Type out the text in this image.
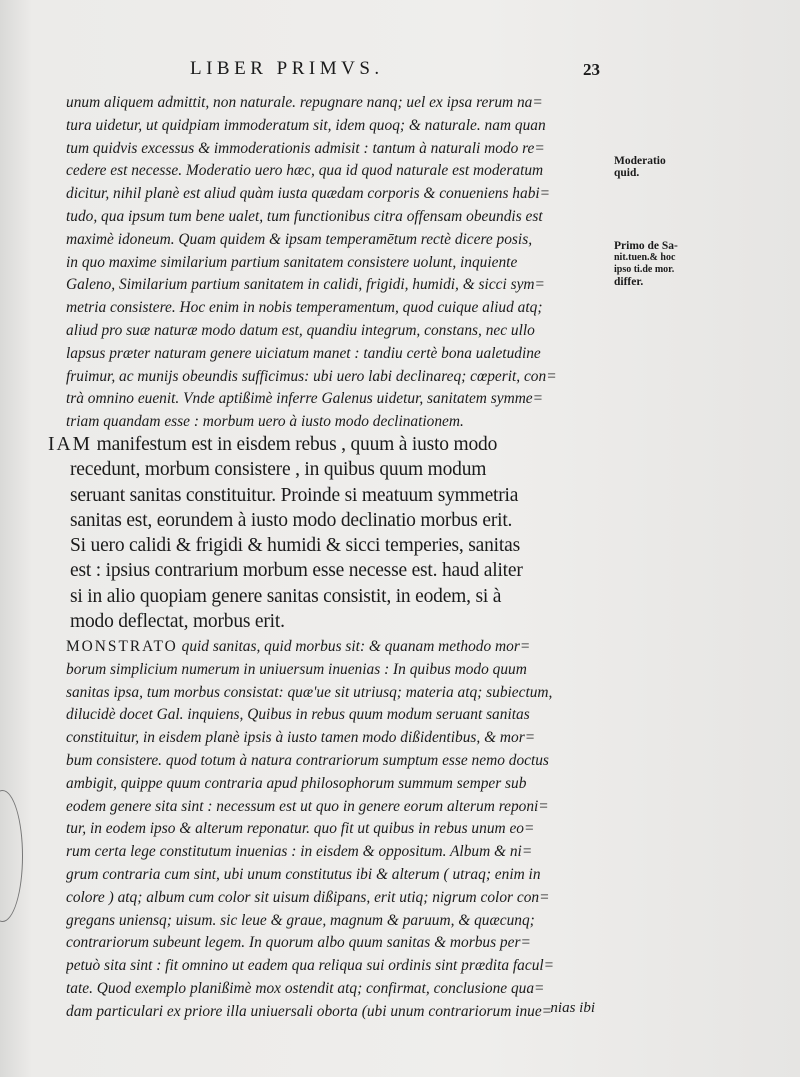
LIBER PRIMVS.	23
unum aliquem admittit, non naturale. repugnare nanq; uel ex ipsa rerum na=
tura uidetur, ut quidpiam immoderatum sit, idem quoq; & naturale. nam quan
tum quidvis excessus & immoderationis admisit : tantum à naturali modo re=
cedere est necesse. Moderatio uero hæc, qua id quod naturale est moderatum
dicitur, nihil planè est aliud quàm iusta quædam corporis & conueniens habi=
tudo, qua ipsum tum bene ualet, tum functionibus citra offensam obeundis est
maximè idoneum. Quam quidem & ipsam temperamētum rectè dicere posis,
in quo maxime similarium partium sanitatem consistere uolunt, inquiente
Galeno, Similarium partium sanitatem in calidi, frigidi, humidi, & sicci sym=
metria consistere. Hoc enim in nobis temperamentum, quod cuique aliud atq;
aliud pro suæ naturæ modo datum est, quandiu integrum, constans, nec ullo
lapsus præter naturam genere uiciatum manet : tandiu certè bona ualetudine
fruimur, ac munijs obeundis sufficimus: ubi uero labi declinareq; cœperit, con=
trà omnino euenit. Vnde aptißimè inferre Galenus uidetur, sanitatem symme=
triam quandam esse : morbum uero à iusto modo declinationem.
IAM manifestum est in eisdem rebus , quum à iusto modo
recedunt, morbum consistere , in quibus quum modum
seruant sanitas constituitur. Proinde si meatuum symmetria
sanitas est, eorundem à iusto modo declinatio morbus erit.
Si uero calidi & frigidi & humidi & sicci temperies, sanitas
est : ipsius contrarium morbum esse necesse est. haud aliter
si in alio quopiam genere sanitas consistit, in eodem, si à
modo deflectat, morbus erit.
MONSTRATO quid sanitas, quid morbus sit: & quanam methodo mor=
borum simplicium numerum in uniuersum inuenias : In quibus modo quum
sanitas ipsa, tum morbus consistat: quæ'ue sit utriusq; materia atq; subiectum,
dilucidè docet Gal. inquiens, Quibus in rebus quum modum seruant sanitas
constituitur, in eisdem planè ipsis à iusto tamen modo dißidentibus, & mor=
bum consistere. quod totum à natura contrariorum sumptum esse nemo doctus
ambigit, quippe quum contraria apud philosophorum summum semper sub
eodem genere sita sint : necessum est ut quo in genere eorum alterum reponi=
tur, in eodem ipso & alterum reponatur. quo fit ut quibus in rebus unum eo=
rum certa lege constitutum inuenias : in eisdem & oppositum. Album & ni=
grum contraria cum sint, ubi unum constitutus ibi & alterum ( utraq; enim in
colore ) atq; album cum color sit uisum dißipans, erit utiq; nigrum color con=
gregans uniensq; uisum. sic leue & graue, magnum & paruum, & quæcunq;
contrariorum subeunt legem. In quorum albo quum sanitas & morbus per=
petuò sita sint : fit omnino ut eadem qua reliqua sui ordinis sint prædita facul=
tate. Quod exemplo planißimè mox ostendit atq; confirmat, conclusione qua=
dam particulari ex priore illa uniuersali oborta (ubi unum contrariorum inue=
nias ibi
Moderatio
quid.
Primo de Sa-
nit.tuen.& hoc
ipso ti.de mor.
differ.
